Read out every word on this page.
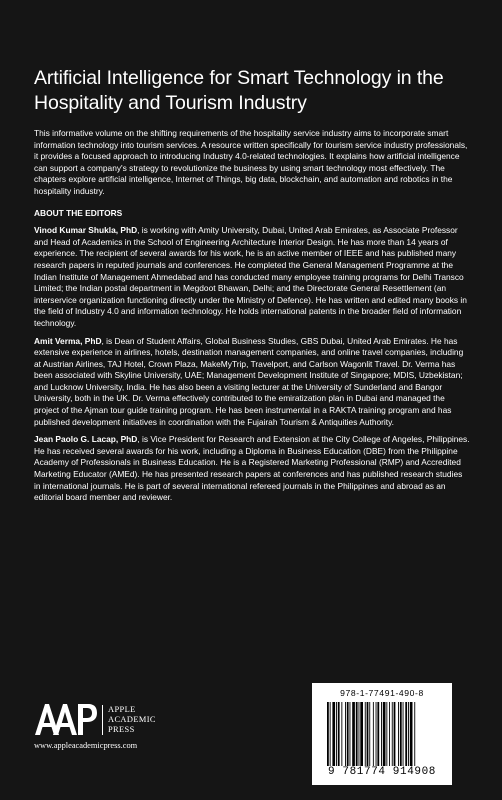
Artificial Intelligence for Smart Technology in the Hospitality and Tourism Industry

This informative volume on the shifting requirements of the hospitality service industry aims to incorporate smart information technology into tourism services. A resource written specifically for tourism service industry professionals, it provides a focused approach to introducing Industry 4.0-related technologies. It explains how artificial intelligence can support a company's strategy to revolutionize the business by using smart technology most effectively. The chapters explore artificial intelligence, Internet of Things, big data, blockchain, and automation and robotics in the hospitality industry.

ABOUT THE EDITORS

Vinod Kumar Shukla, PhD, is working with Amity University, Dubai, United Arab Emirates, as Associate Professor and Head of Academics in the School of Engineering Architecture Interior Design. He has more than 14 years of experience. The recipient of several awards for his work, he is an active member of IEEE and has published many research papers in reputed journals and conferences. He completed the General Management Programme at the Indian Institute of Management Ahmedabad and has conducted many employee training programs for Delhi Transco Limited; the Indian postal department in Megdoot Bhawan, Delhi; and the Directorate General Resettlement (an interservice organization functioning directly under the Ministry of Defence). He has written and edited many books in the field of Industry 4.0 and information technology. He holds international patents in the broader field of information technology.

Amit Verma, PhD, is Dean of Student Affairs, Global Business Studies, GBS Dubai, United Arab Emirates. He has extensive experience in airlines, hotels, destination management companies, and online travel companies, including at Austrian Airlines, TAJ Hotel, Crown Plaza, MakeMyTrip, Travelport, and Carlson Wagonlit Travel. Dr. Verma has been associated with Skyline University, UAE; Management Development Institute of Singapore; MDIS, Uzbekistan; and Lucknow University, India. He has also been a visiting lecturer at the University of Sunderland and Bangor University, both in the UK. Dr. Verma effectively contributed to the emiratization plan in Dubai and managed the project of the Ajman tour guide training program. He has been instrumental in a RAKTA training program and has published development initiatives in coordination with the Fujairah Tourism & Antiquities Authority.

Jean Paolo G. Lacap, PhD, is Vice President for Research and Extension at the City College of Angeles, Philippines. He has received several awards for his work, including a Diploma in Business Education (DBE) from the Philippine Academy of Professionals in Business Education. He is a Registered Marketing Professional (RMP) and Accredited Marketing Educator (AMEd). He has presented research papers at conferences and has published research studies in international journals. He is part of several international refereed journals in the Philippines and abroad as an editorial board member and reviewer.

APPLE
ACADEMIC
PRESS
www.appleacademicpress.com
978-1-77491-490-8
9 781774 914908
